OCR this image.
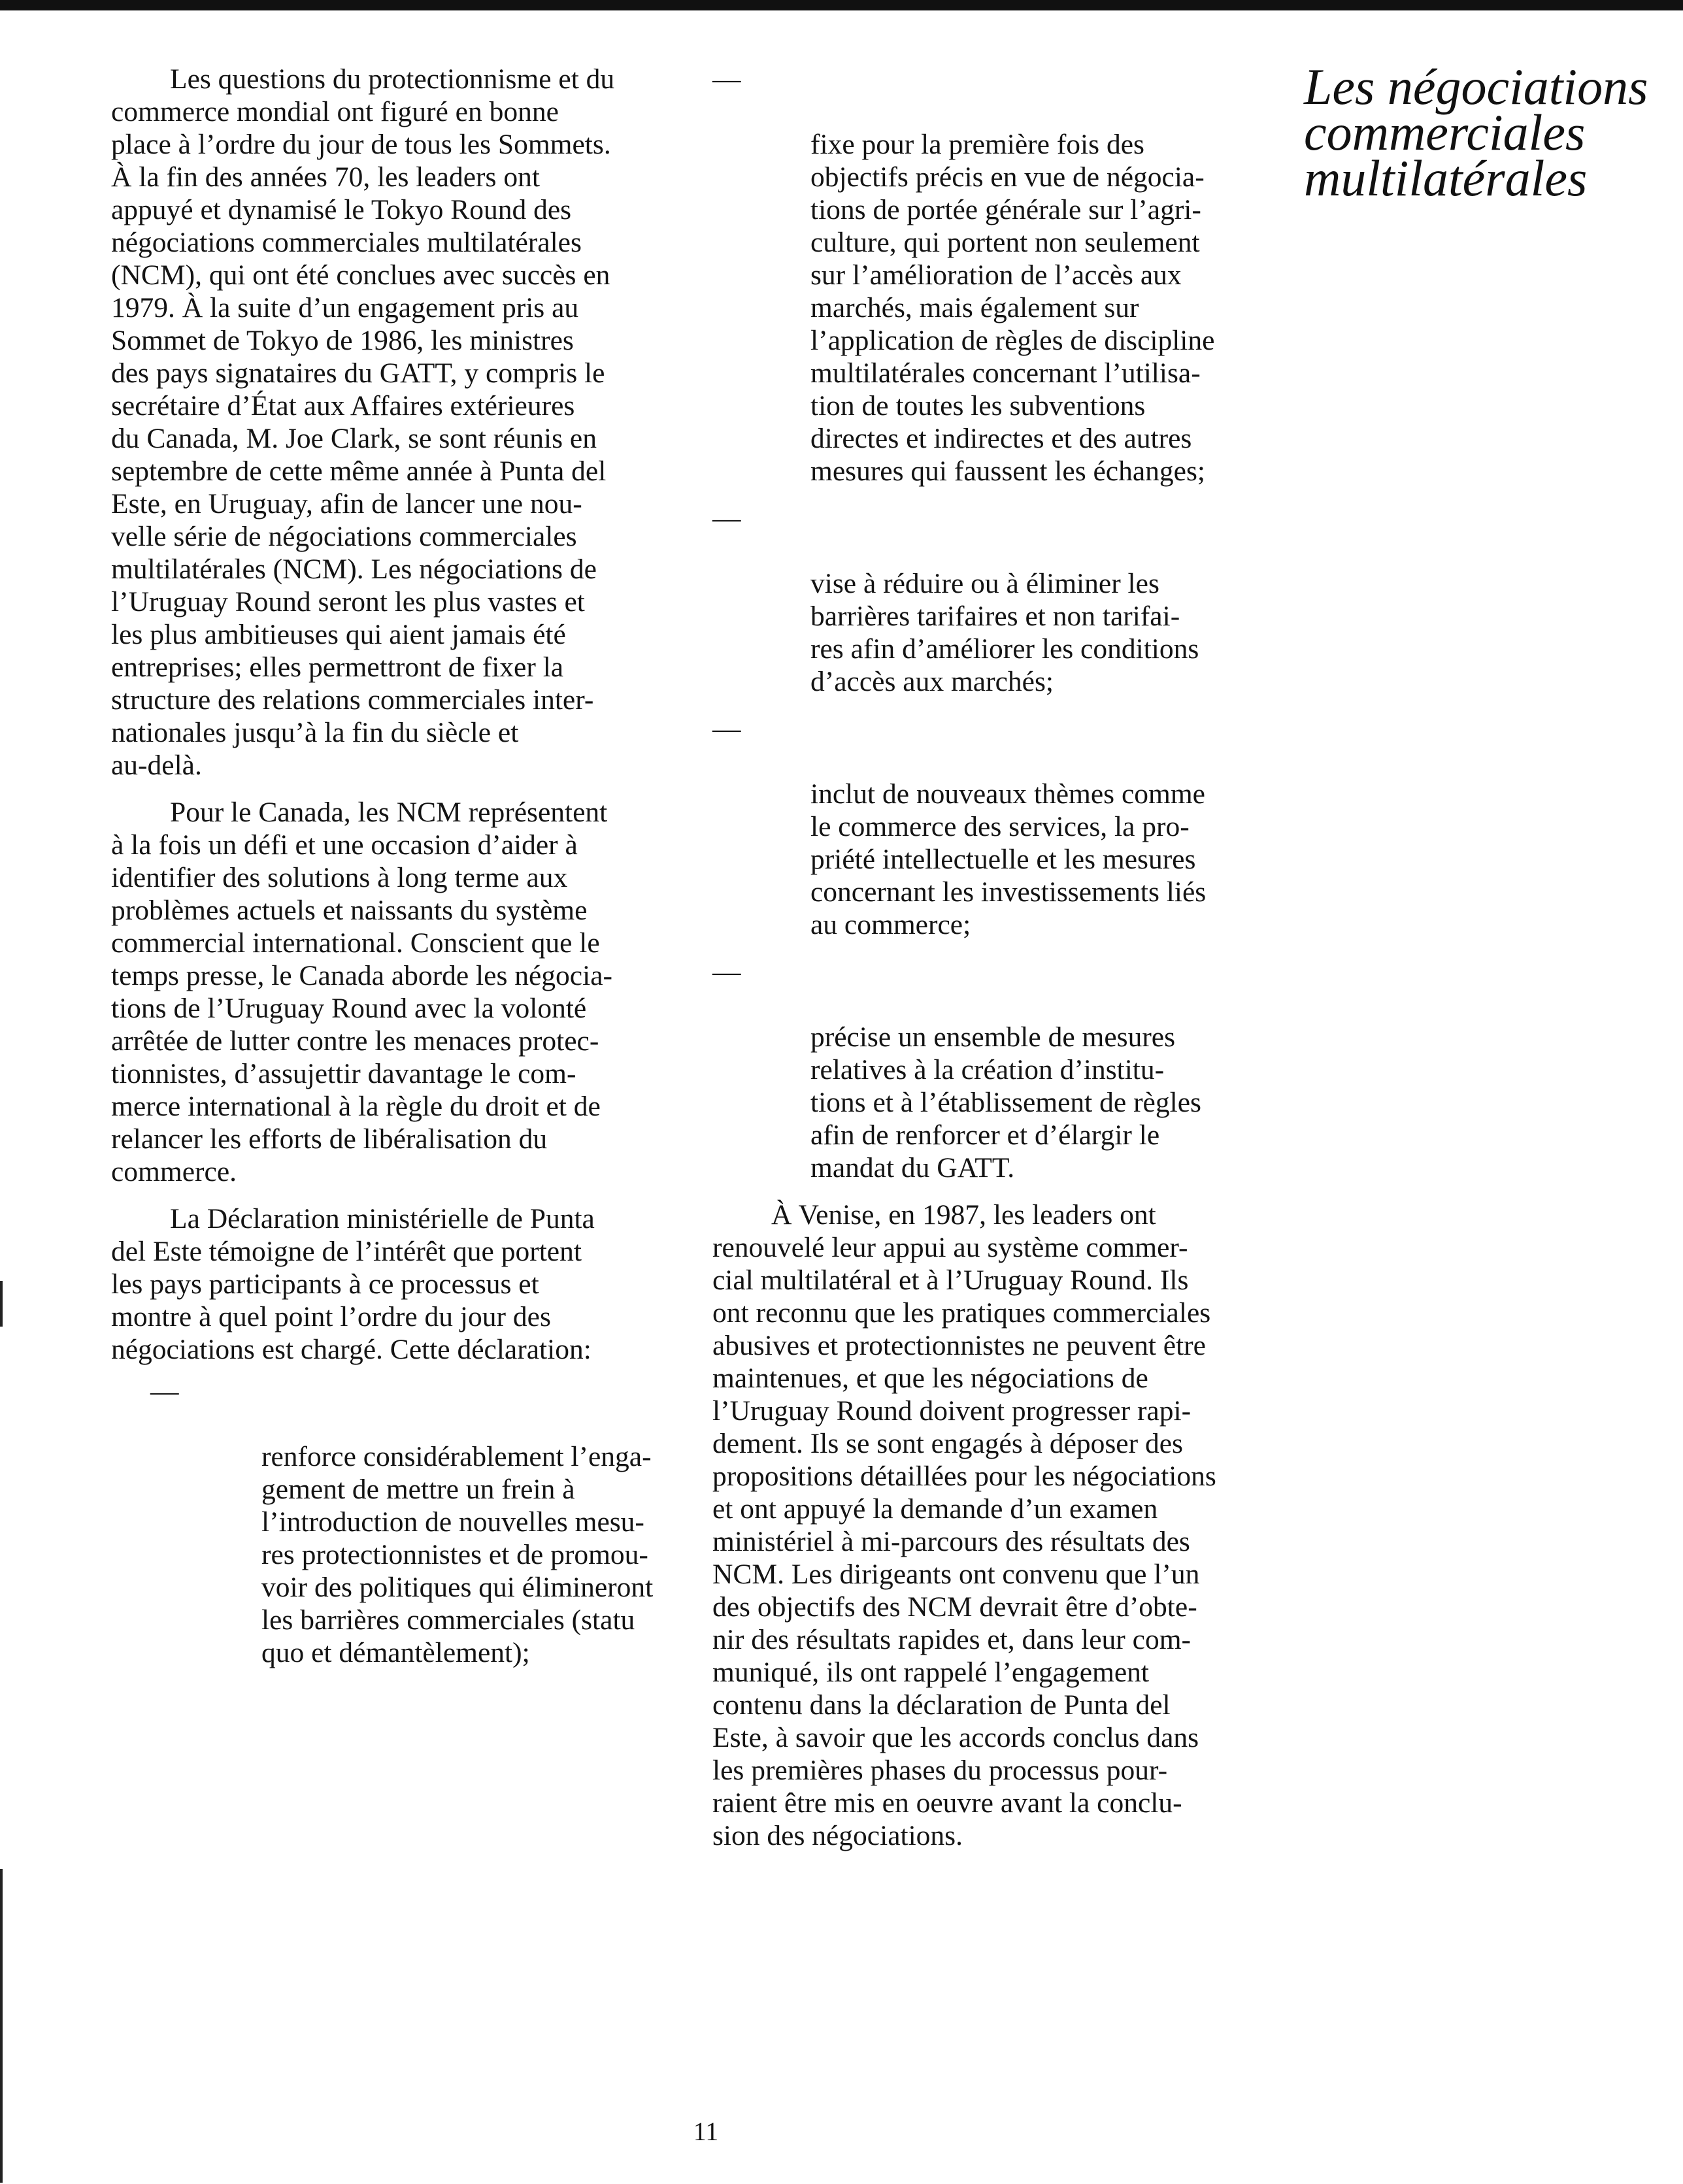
Les questions du protectionnisme et du
commerce mondial ont figuré en bonne
place à l’ordre du jour de tous les Sommets.
À la fin des années 70, les leaders ont
appuyé et dynamisé le Tokyo Round des
négociations commerciales multilatérales
(NCM), qui ont été conclues avec succès en
1979. À la suite d’un engagement pris au
Sommet de Tokyo de 1986, les ministres
des pays signataires du GATT, y compris le
secrétaire d’État aux Affaires extérieures
du Canada, M. Joe Clark, se sont réunis en
septembre de cette même année à Punta del
Este, en Uruguay, afin de lancer une nou-
velle série de négociations commerciales
multilatérales (NCM). Les négociations de
l’Uruguay Round seront les plus vastes et
les plus ambitieuses qui aient jamais été
entreprises; elles permettront de fixer la
structure des relations commerciales inter-
nationales jusqu’à la fin du siècle et
au-delà.

Pour le Canada, les NCM représentent
à la fois un défi et une occasion d’aider à
identifier des solutions à long terme aux
problèmes actuels et naissants du système
commercial international. Conscient que le
temps presse, le Canada aborde les négocia-
tions de l’Uruguay Round avec la volonté
arrêtée de lutter contre les menaces protec-
tionnistes, d’assujettir davantage le com-
merce international à la règle du droit et de
relancer les efforts de libéralisation du
commerce.

La Déclaration ministérielle de Punta
del Este témoigne de l’intérêt que portent
les pays participants à ce processus et
montre à quel point l’ordre du jour des
négociations est chargé. Cette déclaration:

—

renforce considérablement l’enga-
gement de mettre un frein à
l’introduction de nouvelles mesu-
res protectionnistes et de promou-
voir des politiques qui élimineront
les barrières commerciales (statu
quo et démantèlement);

—

fixe pour la première fois des
objectifs précis en vue de négocia-
tions de portée générale sur l’agri-
culture, qui portent non seulement
sur l’amélioration de l’accès aux
marchés, mais également sur
l’application de règles de discipline
multilatérales concernant l’utilisa-
tion de toutes les subventions
directes et indirectes et des autres
mesures qui faussent les échanges;

—

vise à réduire ou à éliminer les
barrières tarifaires et non tarifai-
res afin d’améliorer les conditions
d’accès aux marchés;

—

inclut de nouveaux thèmes comme
le commerce des services, la pro-
priété intellectuelle et les mesures
concernant les investissements liés
au commerce;

—

précise un ensemble de mesures
relatives à la création d’institu-
tions et à l’établissement de règles
afin de renforcer et d’élargir le
mandat du GATT.

À Venise, en 1987, les leaders ont
renouvelé leur appui au système commer-
cial multilatéral et à l’Uruguay Round. Ils
ont reconnu que les pratiques commerciales
abusives et protectionnistes ne peuvent être
maintenues, et que les négociations de
l’Uruguay Round doivent progresser rapi-
dement. Ils se sont engagés à déposer des
propositions détaillées pour les négociations
et ont appuyé la demande d’un examen
ministériel à mi-parcours des résultats des
NCM. Les dirigeants ont convenu que l’un
des objectifs des NCM devrait être d’obte-
nir des résultats rapides et, dans leur com-
muniqué, ils ont rappelé l’engagement
contenu dans la déclaration de Punta del
Este, à savoir que les accords conclus dans
les premières phases du processus pour-
raient être mis en oeuvre avant la conclu-
sion des négociations.

Les négociations
commerciales
multilatérales
11
